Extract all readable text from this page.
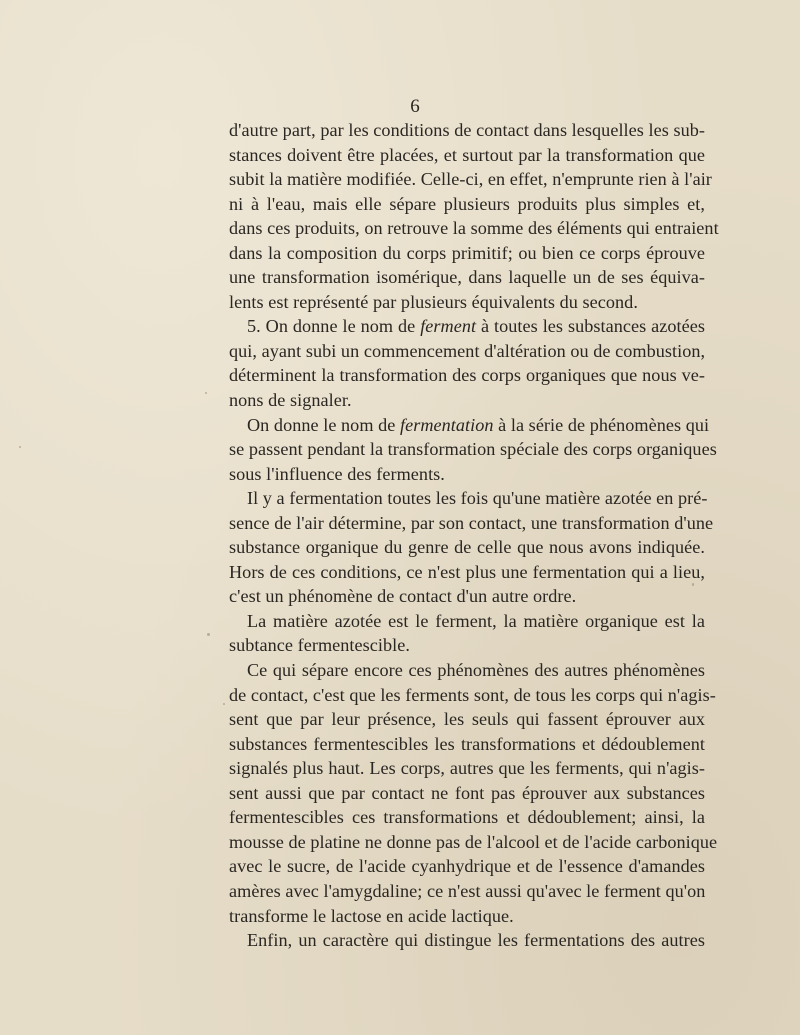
6
d'autre part, par les conditions de contact dans lesquelles les sub-
stances doivent être placées, et surtout par la transformation que
subit la matière modifiée. Celle-ci, en effet, n'emprunte rien à l'air
ni à l'eau, mais elle sépare plusieurs produits plus simples et,
dans ces produits, on retrouve la somme des éléments qui entraient
dans la composition du corps primitif; ou bien ce corps éprouve
une transformation isomérique, dans laquelle un de ses équiva-
lents est représenté par plusieurs équivalents du second.
5. On donne le nom de ferment à toutes les substances azotées
qui, ayant subi un commencement d'altération ou de combustion,
déterminent la transformation des corps organiques que nous ve-
nons de signaler.
On donne le nom de fermentation à la série de phénomènes qui
se passent pendant la transformation spéciale des corps organiques
sous l'influence des ferments.
Il y a fermentation toutes les fois qu'une matière azotée en pré-
sence de l'air détermine, par son contact, une transformation d'une
substance organique du genre de celle que nous avons indiquée.
Hors de ces conditions, ce n'est plus une fermentation qui a lieu,
c'est un phénomène de contact d'un autre ordre.
La matière azotée est le ferment, la matière organique est la
subtance fermentescible.
Ce qui sépare encore ces phénomènes des autres phénomènes
de contact, c'est que les ferments sont, de tous les corps qui n'agis-
sent que par leur présence, les seuls qui fassent éprouver aux
substances fermentescibles les transformations et dédoublement
signalés plus haut. Les corps, autres que les ferments, qui n'agis-
sent aussi que par contact ne font pas éprouver aux substances
fermentescibles ces transformations et dédoublement; ainsi, la
mousse de platine ne donne pas de l'alcool et de l'acide carbonique
avec le sucre, de l'acide cyanhydrique et de l'essence d'amandes
amères avec l'amygdaline; ce n'est aussi qu'avec le ferment qu'on
transforme le lactose en acide lactique.
Enfin, un caractère qui distingue les fermentations des autres
